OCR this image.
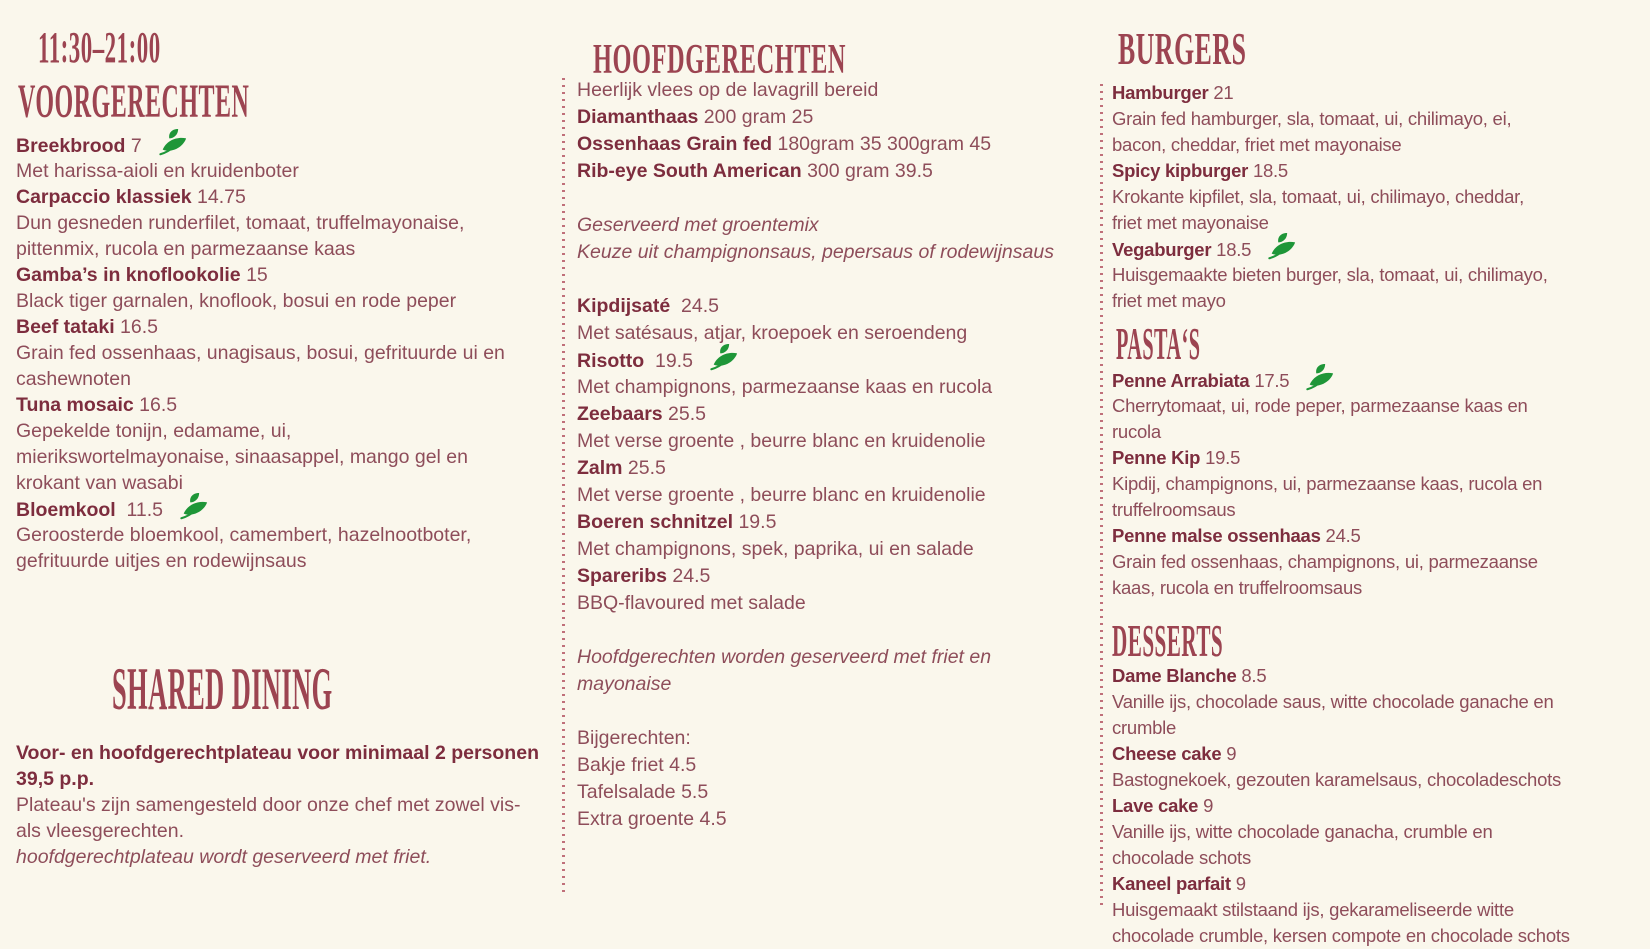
11:30–21:00
VOORGERECHTEN
Breekbrood 7
Met harissa-aioli en kruidenboter
Carpaccio klassiek 14.75
Dun gesneden runderfilet, tomaat, truffelmayonaise,
pittenmix, rucola en parmezaanse kaas
Gamba’s in knoflookolie 15
Black tiger garnalen, knoflook, bosui en rode peper
Beef tataki 16.5
Grain fed ossenhaas, unagisaus, bosui, gefrituurde ui en
cashewnoten
Tuna mosaic 16.5
Gepekelde tonijn, edamame, ui,
mierikswortelmayonaise, sinaasappel, mango gel en
krokant van wasabi
Bloemkool  11.5
Geroosterde bloemkool, camembert, hazelnootboter,
gefrituurde uitjes en rodewijnsaus
SHARED DINING
Voor- en hoofdgerechtplateau voor minimaal 2 personen
39,5 p.p.
Plateau's zijn samengesteld door onze chef met zowel vis-
als vleesgerechten.
hoofdgerechtplateau wordt geserveerd met friet.
HOOFDGERECHTEN
Heerlijk vlees op de lavagrill bereid
Diamanthaas 200 gram 25
Ossenhaas Grain fed 180gram 35 300gram 45
Rib-eye South American 300 gram 39.5
Geserveerd met groentemix
Keuze uit champignonsaus, pepersaus of rodewijnsaus
Kipdijsaté  24.5
Met satésaus, atjar, kroepoek en seroendeng
Risotto  19.5
Met champignons, parmezaanse kaas en rucola
Zeebaars 25.5
Met verse groente , beurre blanc en kruidenolie
Zalm 25.5
Met verse groente , beurre blanc en kruidenolie
Boeren schnitzel 19.5
Met champignons, spek, paprika, ui en salade
Spareribs 24.5
BBQ-flavoured met salade
Hoofdgerechten worden geserveerd met friet en
mayonaise
Bijgerechten:
Bakje friet 4.5
Tafelsalade 5.5
Extra groente 4.5
BURGERS
Hamburger 21
Grain fed hamburger, sla, tomaat, ui, chilimayo, ei,
bacon, cheddar, friet met mayonaise
Spicy kipburger 18.5
Krokante kipfilet, sla, tomaat, ui, chilimayo, cheddar,
friet met mayonaise
Vegaburger 18.5
Huisgemaakte bieten burger, sla, tomaat, ui, chilimayo,
friet met mayo
PASTA‘S
Penne Arrabiata 17.5
Cherrytomaat, ui, rode peper, parmezaanse kaas en
rucola
Penne Kip 19.5
Kipdij, champignons, ui, parmezaanse kaas, rucola en
truffelroomsaus
Penne malse ossenhaas 24.5
Grain fed ossenhaas, champignons, ui, parmezaanse
kaas, rucola en truffelroomsaus
DESSERTS
Dame Blanche 8.5
Vanille ijs, chocolade saus, witte chocolade ganache en
crumble
Cheese cake 9
Bastognekoek, gezouten karamelsaus, chocoladeschots
Lave cake 9
Vanille ijs, witte chocolade ganacha, crumble en
chocolade schots
Kaneel parfait 9
Huisgemaakt stilstaand ijs, gekarameliseerde witte
chocolade crumble, kersen compote en chocolade schots
